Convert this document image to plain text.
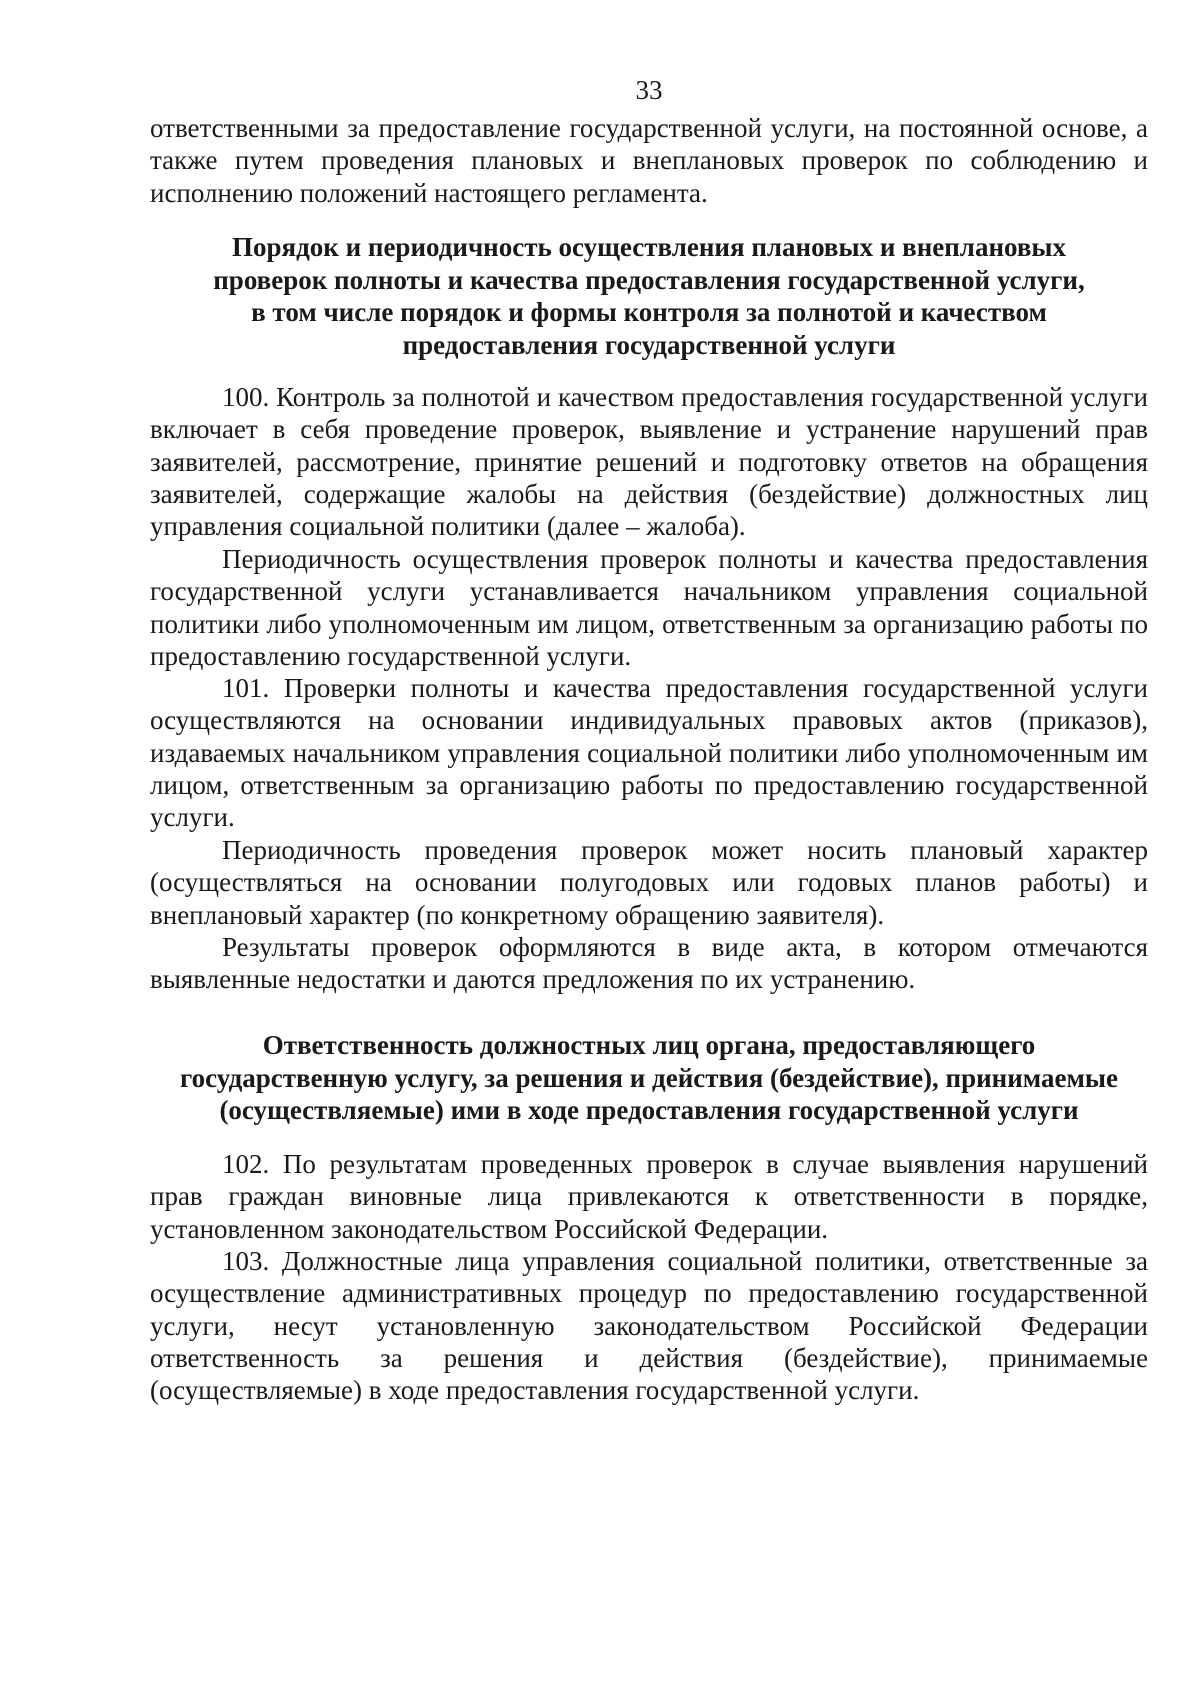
33

ответственными за предоставление государственной услуги, на постоянной основе, а также путем проведения плановых и внеплановых проверок по соблюдению и исполнению положений настоящего регламента.

Порядок и периодичность осуществления плановых и внеплановых
проверок полноты и качества предоставления государственной услуги,
в том числе порядок и формы контроля за полнотой и качеством
предоставления государственной услуги

100. Контроль за полнотой и качеством предоставления государственной услуги включает в себя проведение проверок, выявление и устранение нарушений прав заявителей, рассмотрение, принятие решений и подготовку ответов на обращения заявителей, содержащие жалобы на действия (бездействие) должностных лиц управления социальной политики (далее – жалоба).

Периодичность осуществления проверок полноты и качества предоставления государственной услуги устанавливается начальником управления социальной политики либо уполномоченным им лицом, ответственным за организацию работы по предоставлению государственной услуги.

101. Проверки полноты и качества предоставления государственной услуги осуществляются на основании индивидуальных правовых актов (приказов), издаваемых начальником управления социальной политики либо уполномоченным им лицом, ответственным за организацию работы по предоставлению государственной услуги.

Периодичность проведения проверок может носить плановый характер (осуществляться на основании полугодовых или годовых планов работы) и внеплановый характер (по конкретному обращению заявителя).

Результаты проверок оформляются в виде акта, в котором отмечаются выявленные недостатки и даются предложения по их устранению.

Ответственность должностных лиц органа, предоставляющего
государственную услугу, за решения и действия (бездействие), принимаемые
(осуществляемые) ими в ходе предоставления государственной услуги

102. По результатам проведенных проверок в случае выявления нарушений прав граждан виновные лица привлекаются к ответственности в порядке, установленном законодательством Российской Федерации.

103. Должностные лица управления социальной политики, ответственные за осуществление административных процедур по предоставлению государственной услуги, несут установленную законодательством Российской Федерации ответственность за решения и действия (бездействие), принимаемые (осуществляемые) в ходе предоставления государственной услуги.
